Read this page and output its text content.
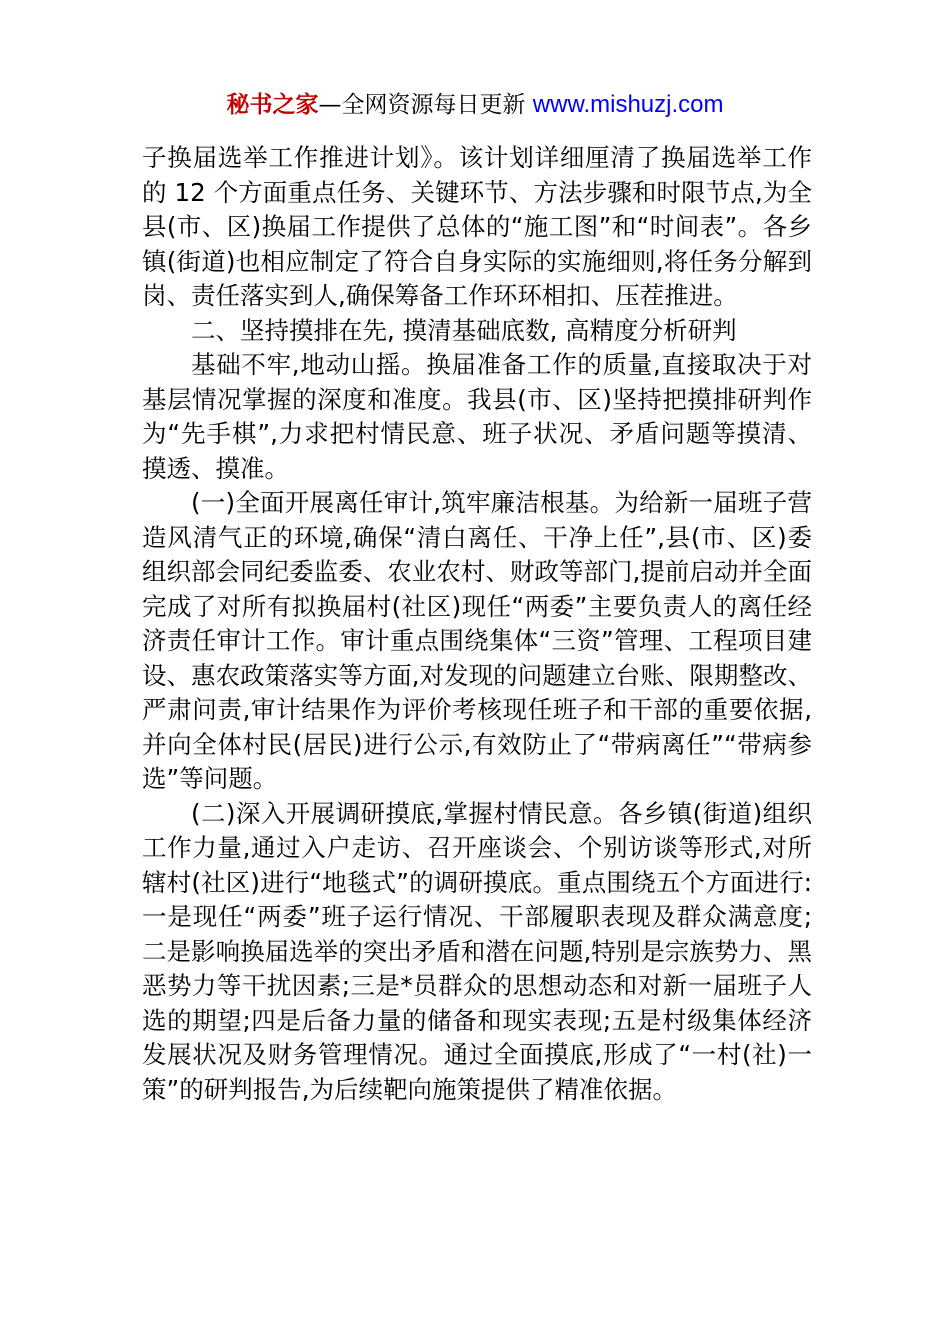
秘书之家—全网资源每日更新 www.mishuzj.com

子换届选举工作推进计划》。该计划详细厘清了换届选举工作的 12 个方面重点任务、关键环节、方法步骤和时限节点,为全县(市、区)换届工作提供了总体的“施工图”和“时间表”。各乡镇(街道)也相应制定了符合自身实际的实施细则,将任务分解到岗、责任落实到人,确保筹备工作环环相扣、压茬推进。

二、坚持摸排在先, 摸清基础底数, 高精度分析研判

基础不牢,地动山摇。换届准备工作的质量,直接取决于对基层情况掌握的深度和准度。我县(市、区)坚持把摸排研判作为“先手棋”,力求把村情民意、班子状况、矛盾问题等摸清、摸透、摸准。

(一)全面开展离任审计,筑牢廉洁根基。为给新一届班子营造风清气正的环境,确保“清白离任、干净上任”,县(市、区)委组织部会同纪委监委、农业农村、财政等部门,提前启动并全面完成了对所有拟换届村(社区)现任“两委”主要负责人的离任经济责任审计工作。审计重点围绕集体“三资”管理、工程项目建设、惠农政策落实等方面,对发现的问题建立台账、限期整改、严肃问责,审计结果作为评价考核现任班子和干部的重要依据,并向全体村民(居民)进行公示,有效防止了“带病离任”“带病参选”等问题。

(二)深入开展调研摸底,掌握村情民意。各乡镇(街道)组织工作力量,通过入户走访、召开座谈会、个别访谈等形式,对所辖村(社区)进行“地毯式”的调研摸底。重点围绕五个方面进行:一是现任“两委”班子运行情况、干部履职表现及群众满意度;二是影响换届选举的突出矛盾和潜在问题,特别是宗族势力、黑恶势力等干扰因素;三是*员群众的思想动态和对新一届班子人选的期望;四是后备力量的储备和现实表现;五是村级集体经济发展状况及财务管理情况。通过全面摸底,形成了“一村(社)一策”的研判报告,为后续靶向施策提供了精准依据。
